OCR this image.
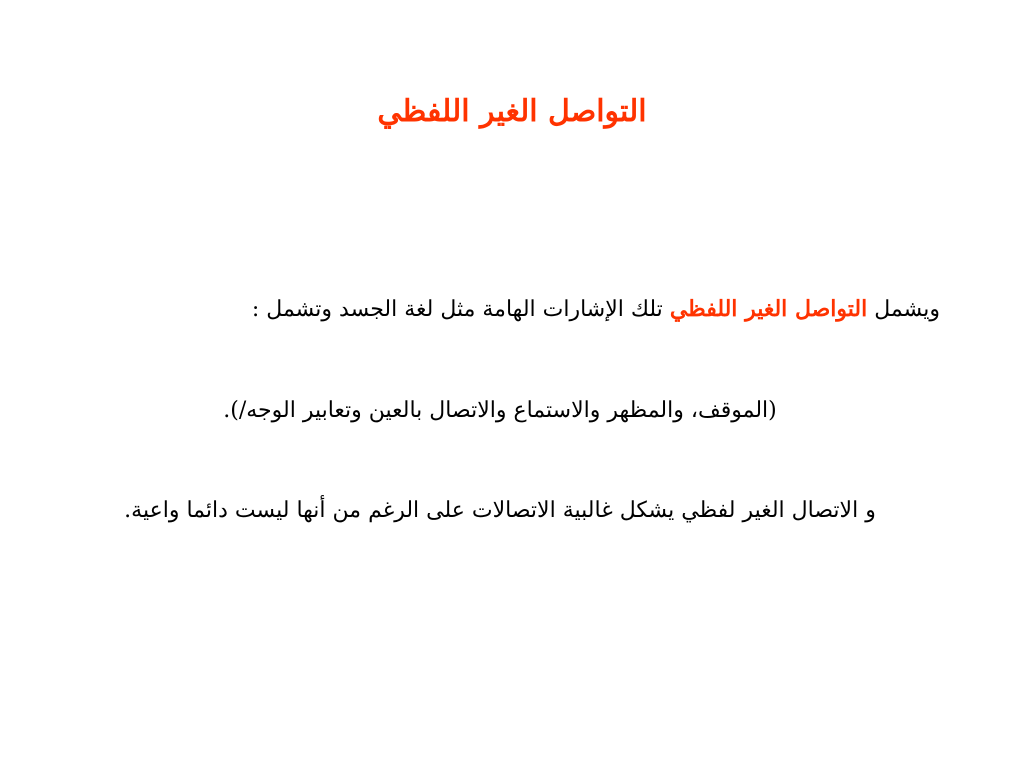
التواصل الغير اللفظي
ويشمل التواصل الغير اللفظي تلك الإشارات الهامة مثل لغة الجسد وتشمل :
(الموقف، والمظهر والاستماع والاتصال بالعين وتعابير الوجه/).
و الاتصال الغير لفظي يشكل غالبية الاتصالات على الرغم من أنها ليست دائما واعية.
